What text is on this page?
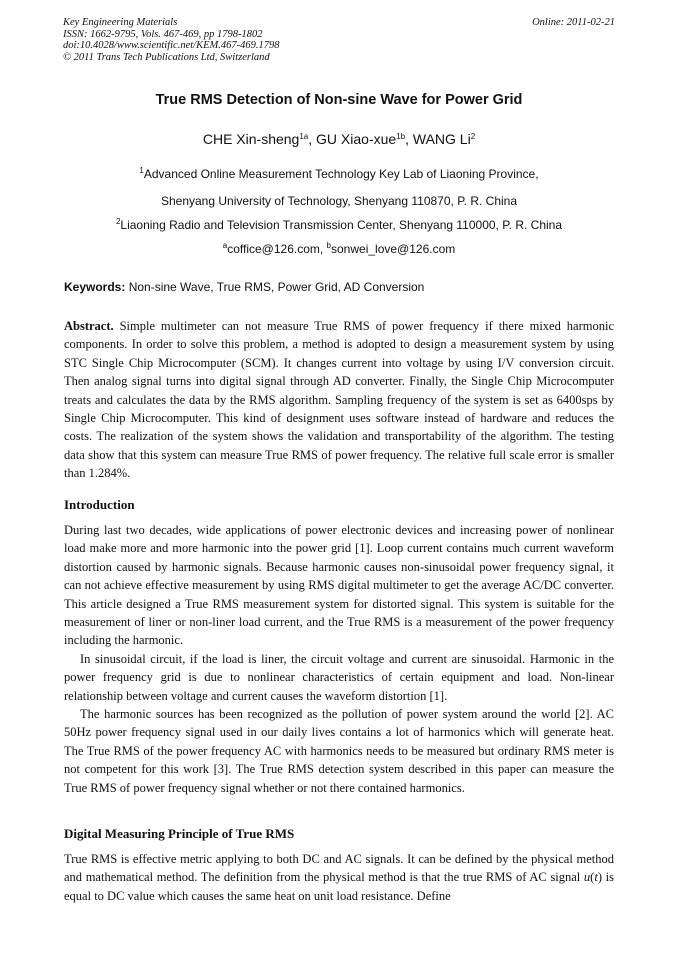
Key Engineering Materials
ISSN: 1662-9795, Vols. 467-469, pp 1798-1802
doi:10.4028/www.scientific.net/KEM.467-469.1798
© 2011 Trans Tech Publications Ltd, Switzerland
Online: 2011-02-21
True RMS Detection of Non-sine Wave for Power Grid
CHE Xin-sheng$^{1a}$, GU Xiao-xue$^{1b}$, WANG Li$^2$
$^1$Advanced Online Measurement Technology Key Lab of Liaoning Province,
Shenyang University of Technology, Shenyang 110870, P. R. China
$^2$Liaoning Radio and Television Transmission Center, Shenyang 110000, P. R. China
$^a$coffice@126.com, $^b$sonwei_love@126.com
Keywords: Non-sine Wave, True RMS, Power Grid, AD Conversion

Abstract. Simple multimeter can not measure True RMS of power frequency if there mixed harmonic components. In order to solve this problem, a method is adopted to design a measurement system by using STC Single Chip Microcomputer (SCM). It changes current into voltage by using I/V conversion circuit. Then analog signal turns into digital signal through AD converter. Finally, the Single Chip Microcomputer treats and calculates the data by the RMS algorithm. Sampling frequency of the system is set as 6400sps by Single Chip Microcomputer. This kind of designment uses software instead of hardware and reduces the costs. The realization of the system shows the validation and transportability of the algorithm. The testing data show that this system can measure True RMS of power frequency. The relative full scale error is smaller than 1.284%.

Introduction

During last two decades, wide applications of power electronic devices and increasing power of nonlinear load make more and more harmonic into the power grid [1]. Loop current contains much current waveform distortion caused by harmonic signals. Because harmonic causes non-sinusoidal power frequency signal, it can not achieve effective measurement by using RMS digital multimeter to get the average AC/DC converter. This article designed a True RMS measurement system for distorted signal. This system is suitable for the measurement of liner or non-liner load current, and the True RMS is a measurement of the power frequency including the harmonic.

In sinusoidal circuit, if the load is liner, the circuit voltage and current are sinusoidal. Harmonic in the power frequency grid is due to nonlinear characteristics of certain equipment and load. Non-linear relationship between voltage and current causes the waveform distortion [1].

The harmonic sources has been recognized as the pollution of power system around the world [2]. AC 50Hz power frequency signal used in our daily lives contains a lot of harmonics which will generate heat. The True RMS of the power frequency AC with harmonics needs to be measured but ordinary RMS meter is not competent for this work [3]. The True RMS detection system described in this paper can measure the True RMS of power frequency signal whether or not there contained harmonics.

Digital Measuring Principle of True RMS

True RMS is effective metric applying to both DC and AC signals. It can be defined by the physical method and mathematical method. The definition from the physical method is that the true RMS of AC signal u(t) is equal to DC value which causes the same heat on unit load resistance. Define
